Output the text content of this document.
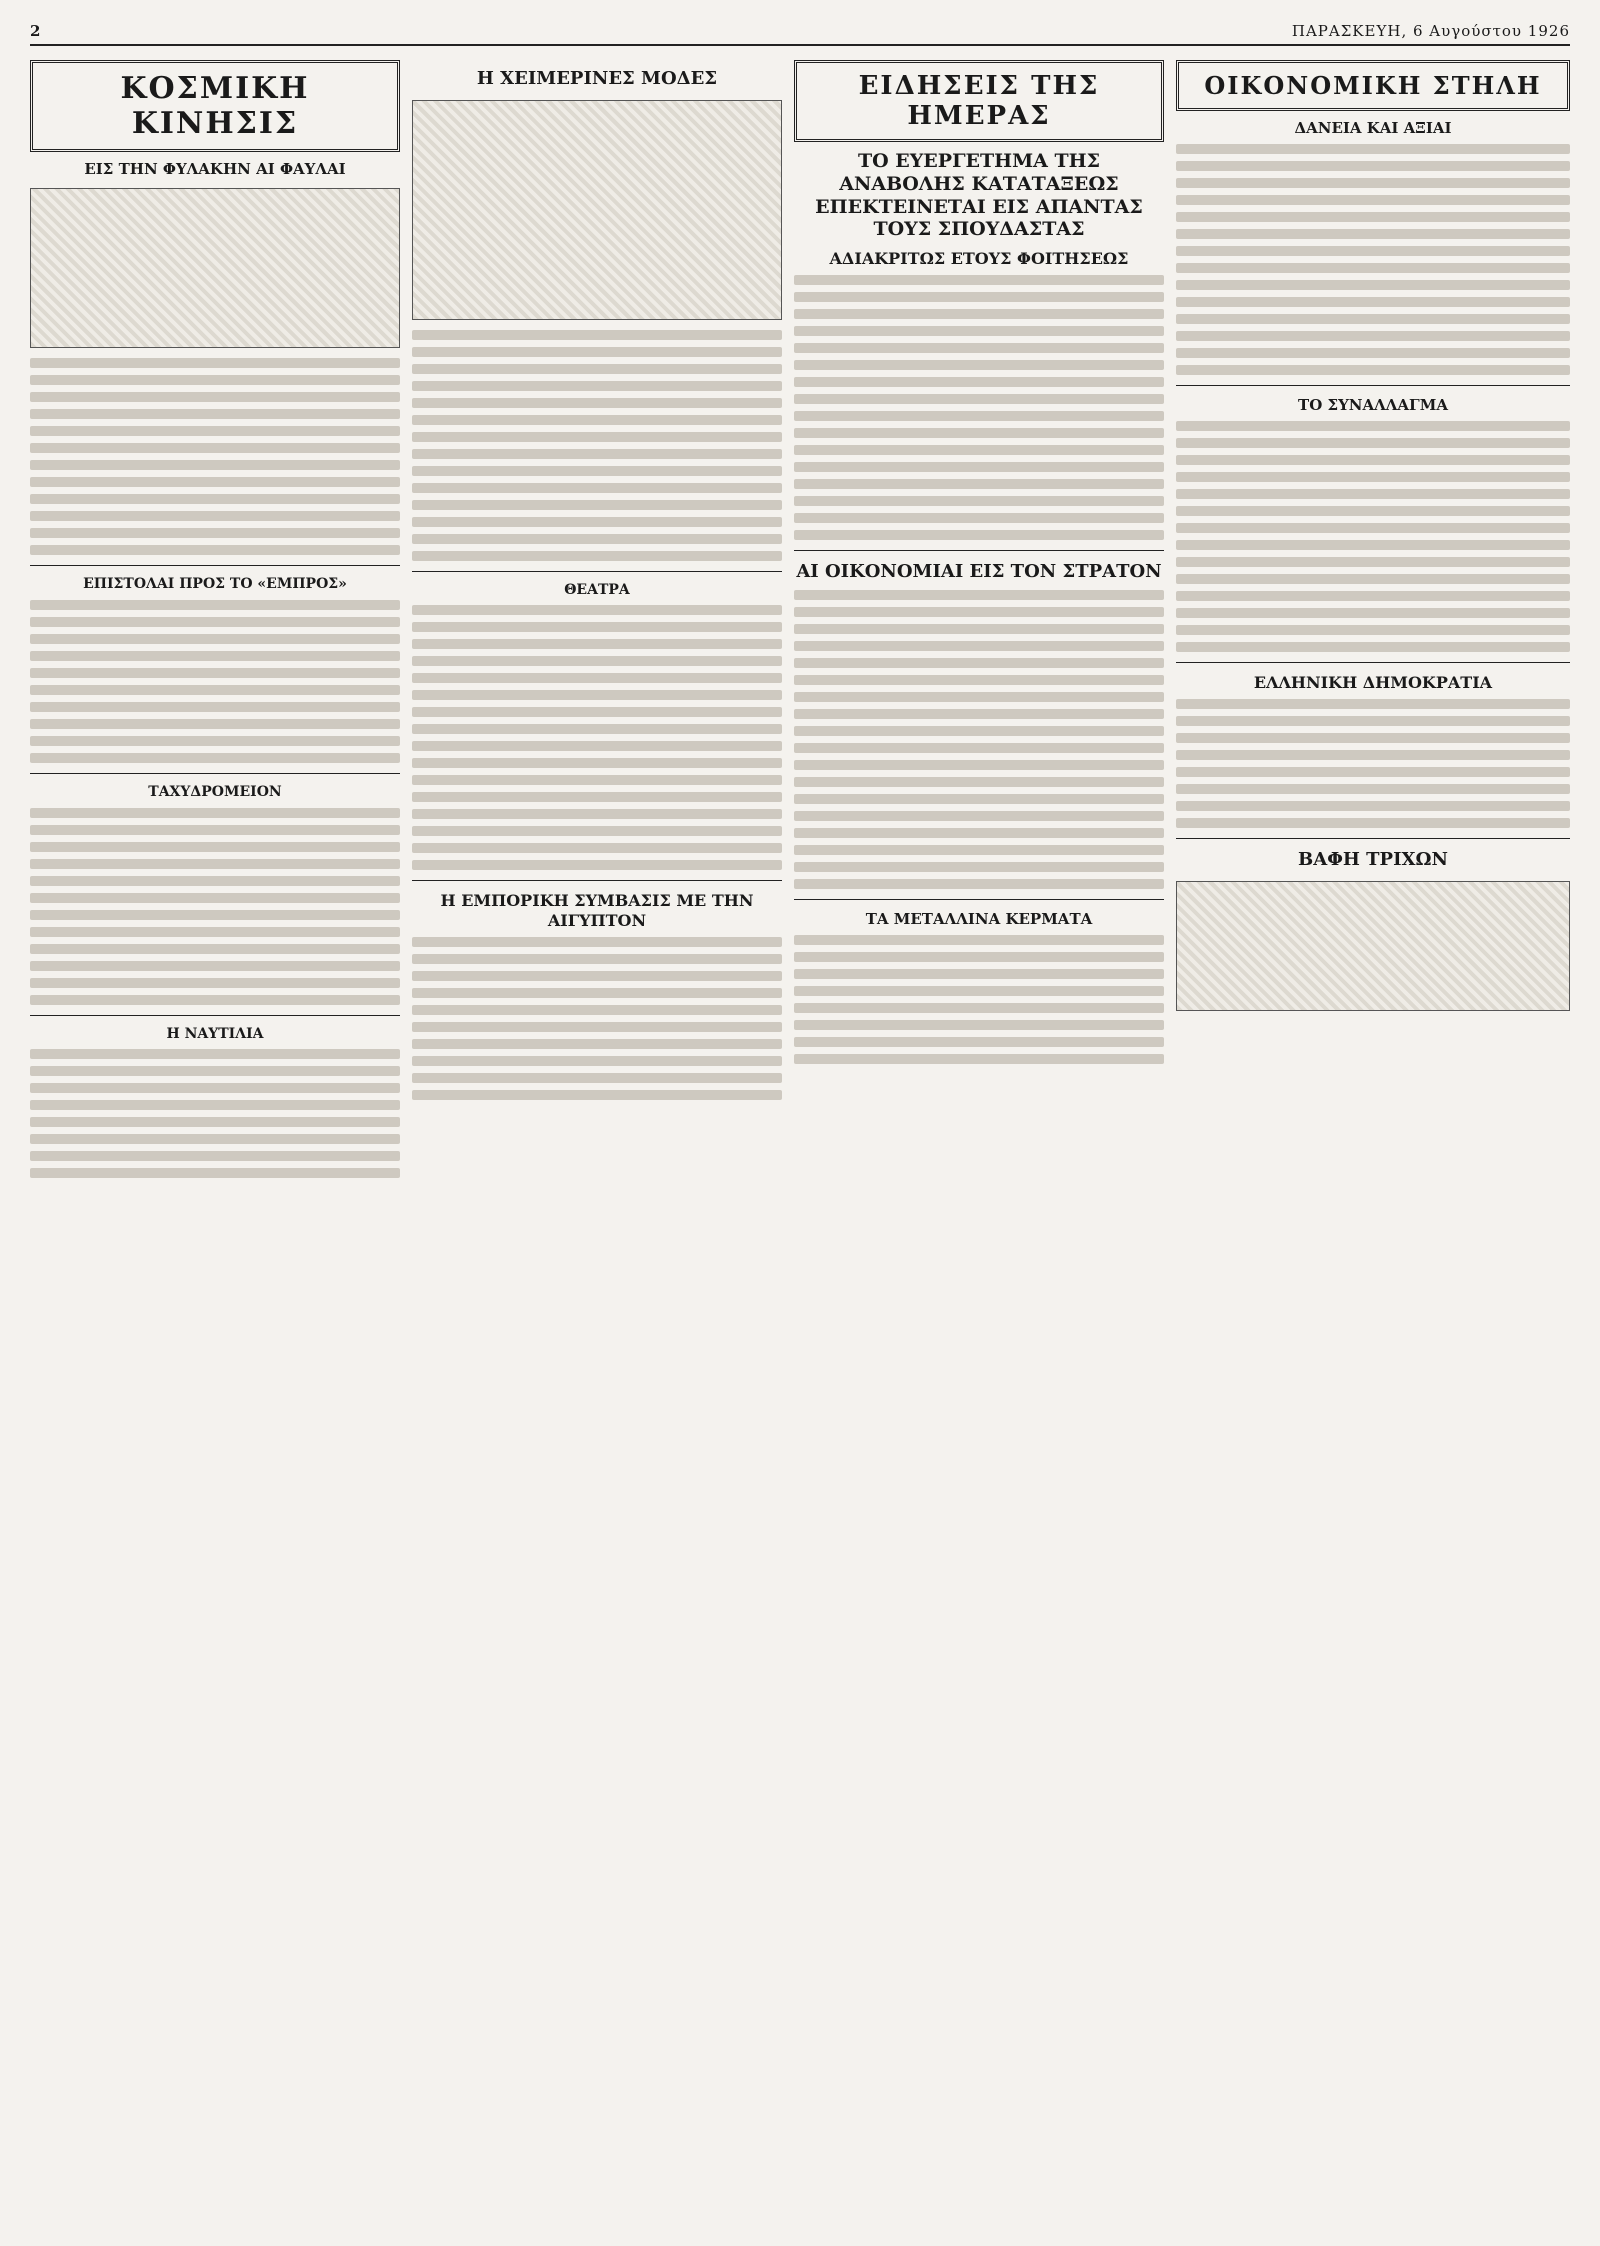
2	ΠΑΡΑΣΚΕΥΗ, 6 Αυγούστου 1926
ΚΟΣΜΙΚΗ ΚΙΝΗΣΙΣ
ΕΙΣ ΤΗΝ ΦΥΛΑΚΗΝ ΑΙ ΦΑΥΛΑΙ
ΕΠΙΣΤΟΛΑΙ ΠΡΟΣ ΤΟ «ΕΜΠΡΟΣ»
ΤΑΧΥΔΡΟΜΕΙΟΝ
Η ΝΑΥΤΙΛΙΑ
Η ΧΕΙΜΕΡΙΝΕΣ ΜΟΔΕΣ
ΘΕΑΤΡΑ
Η ΕΜΠΟΡΙΚΗ ΣΥΜΒΑΣΙΣ ΜΕ ΤΗΝ ΑΙΓΥΠΤΟΝ
ΕΙΔΗΣΕΙΣ ΤΗΣ ΗΜΕΡΑΣ
ΤΟ ΕΥΕΡΓΕΤΗΜΑ ΤΗΣ ΑΝΑΒΟΛΗΣ ΚΑΤΑΤΑΞΕΩΣ ΕΠΕΚΤΕΙΝΕΤΑΙ ΕΙΣ ΑΠΑΝΤΑΣ ΤΟΥΣ ΣΠΟΥΔΑΣΤΑΣ
ΑΔΙΑΚΡΙΤΩΣ ΕΤΟΥΣ ΦΟΙΤΗΣΕΩΣ
ΑΙ ΟΙΚΟΝΟΜΙΑΙ ΕΙΣ ΤΟΝ ΣΤΡΑΤΟΝ
ΤΑ ΜΕΤΑΛΛΙΝΑ ΚΕΡΜΑΤΑ
ΟΙΚΟΝΟΜΙΚΗ ΣΤΗΛΗ
ΔΑΝΕΙΑ ΚΑΙ ΑΞΙΑΙ
ΤΟ ΣΥΝΑΛΛΑΓΜΑ
ΕΛΛΗΝΙΚΗ ΔΗΜΟΚΡΑΤΙΑ
ΒΑΦΗ ΤΡΙΧΩΝ
